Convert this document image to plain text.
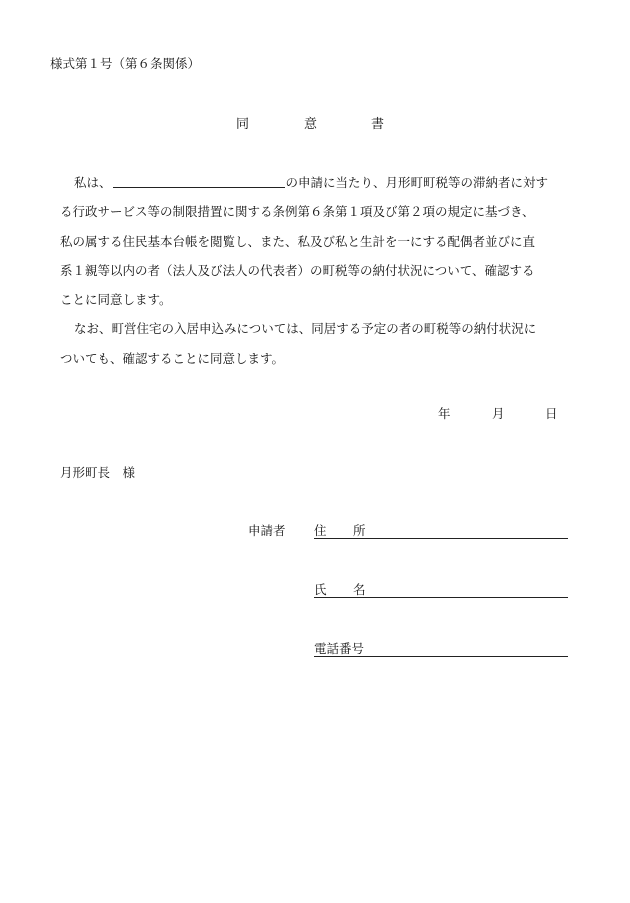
様式第１号（第６条関係）
同	意	書
私は、	の申請に当たり、月形町町税等の滞納者に対す
る行政サービス等の制限措置に関する条例第６条第１項及び第２項の規定に基づき、
私の属する住民基本台帳を閲覧し、また、私及び私と生計を一にする配偶者並びに直
系１親等以内の者（法人及び法人の代表者）の町税等の納付状況について、確認する
ことに同意します。
なお、町営住宅の入居申込みについては、同居する予定の者の町税等の納付状況に
ついても、確認することに同意します。
年	月	日
月形町長　様
申請者 住 所
氏 名
電話番号
